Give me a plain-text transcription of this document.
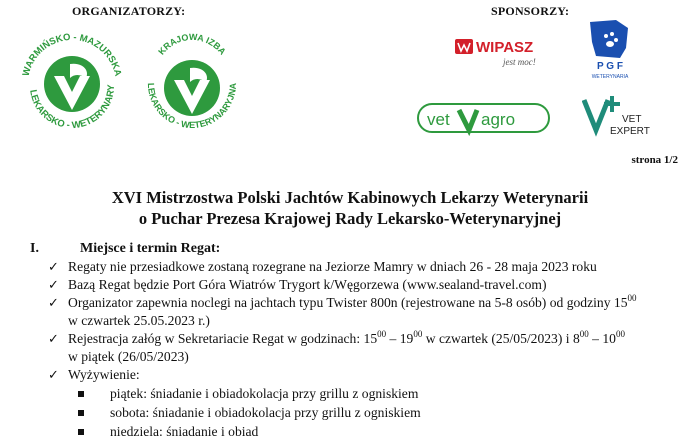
ORGANIZATORZY:	SPONSORZY:
WARMIŃSKO - MAZURSKA
LEKARSKO - WETERYNARY
KRAJOWA IZBA
LEKARSKO - WETERYNARYJNA
WIPASZ
jest moc!	P G F
WETERYNARIA
vet agro	VET
EXPERT
strona 1/2
XVI Mistrzostwa Polski Jachtów Kabinowych Lekarzy Weterynarii
o Puchar Prezesa Krajowej Rady Lekarsko-Weterynaryjnej
I.	Miejsce i termin Regat:
✓ Regaty nie przesiadkowe zostaną rozegrane na Jeziorze Mamry w dniach 26 - 28 maja 2023 roku
✓ Bazą Regat będzie Port Góra Wiatrów Trygort k/Węgorzewa (www.sealand-travel.com)
✓ Organizator zapewnia noclegi na jachtach typu Twister 800n (rejestrowane na 5-8 osób) od godziny $15^{00}$
w czwartek 25.05.2023 r.)
✓ Rejestracja załóg w Sekretariacie Regat w godzinach: $15^{00} - 19^{00}$ w czwartek (25/05/2023) i $8^{00} - 10^{00}$
w piątek (26/05/2023)
✓ Wyżywienie:
piątek: śniadanie i obiadokolacja przy grillu z ogniskiem
sobota: śniadanie i obiadokolacja przy grillu z ogniskiem
niedziela: śniadanie i obiad
